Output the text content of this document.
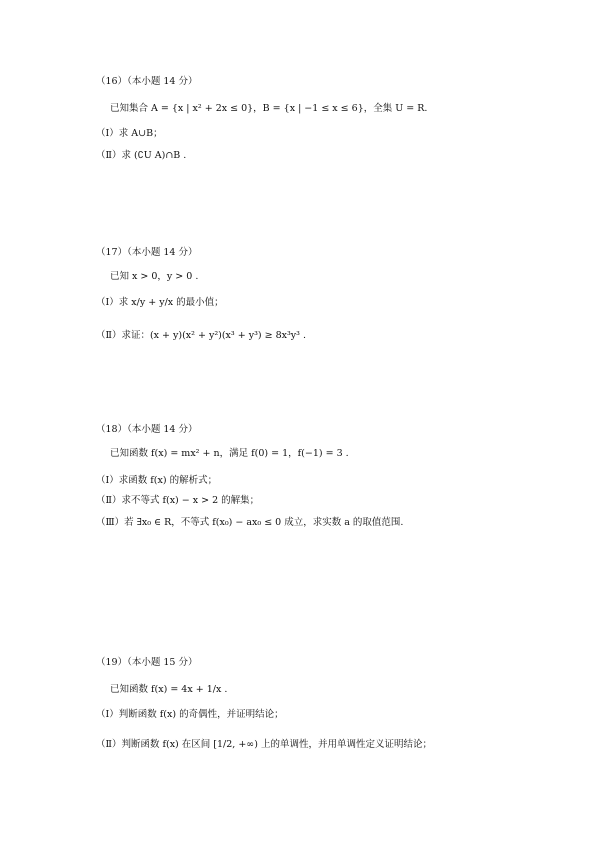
（16）（本小题 14 分）
已知集合 A = {x | x² + 2x ≤ 0}，B = {x | −1 ≤ x ≤ 6}，全集 U = R.
（Ⅰ）求 A∪B；
（Ⅱ）求 (∁U A)∩B .
（17）（本小题 14 分）
已知 x > 0，y > 0 .
（Ⅰ）求 x/y + y/x 的最小值；
（Ⅱ）求证：(x + y)(x² + y²)(x³ + y³) ≥ 8x³y³ .
（18）（本小题 14 分）
已知函数 f(x) = mx² + n，满足 f(0) = 1，f(−1) = 3 .
（Ⅰ）求函数 f(x) 的解析式；
（Ⅱ）求不等式 f(x) − x > 2 的解集；
（Ⅲ）若 ∃x₀ ∈ R，不等式 f(x₀) − ax₀ ≤ 0 成立，求实数 a 的取值范围.
（19）（本小题 15 分）
已知函数 f(x) = 4x + 1/x .
（Ⅰ）判断函数 f(x) 的奇偶性，并证明结论；
（Ⅱ）判断函数 f(x) 在区间 [1/2, +∞) 上的单调性，并用单调性定义证明结论；
